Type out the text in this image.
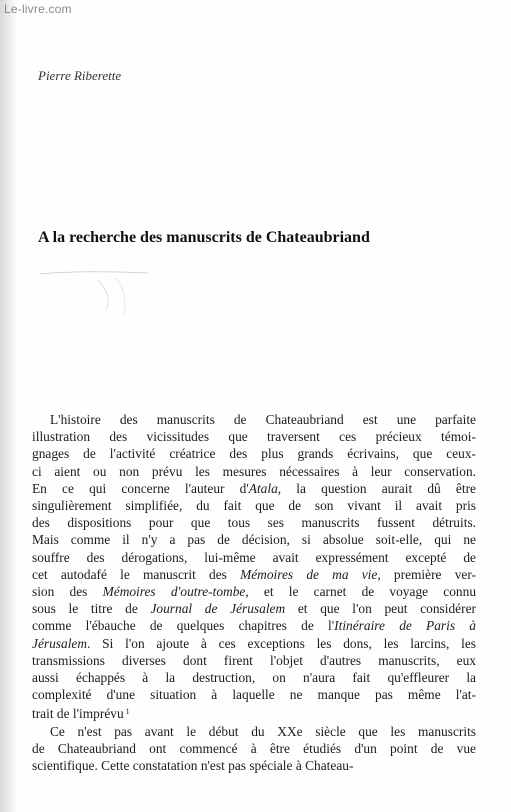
Le-livre.com
Pierre Riberette
A la recherche des manuscrits de Chateaubriand

L'histoire des manuscrits de Chateaubriand est une parfaite
illustration des vicissitudes que traversent ces précieux témoi-
gnages de l'activité créatrice des plus grands écrivains, que ceux-
ci aient ou non prévu les mesures nécessaires à leur conservation.
En ce qui concerne l'auteur d'Atala, la question aurait dû être
singulièrement simplifiée, du fait que de son vivant il avait pris
des dispositions pour que tous ses manuscrits fussent détruits.
Mais comme il n'y a pas de décision, si absolue soit-elle, qui ne
souffre des dérogations, lui-même avait expressément excepté de
cet autodafé le manuscrit des Mémoires de ma vie, première ver-
sion des Mémoires d'outre-tombe, et le carnet de voyage connu
sous le titre de Journal de Jérusalem et que l'on peut considérer
comme l'ébauche de quelques chapitres de l'Itinéraire de Paris à
Jérusalem. Si l'on ajoute à ces exceptions les dons, les larcins, les
transmissions diverses dont firent l'objet d'autres manuscrits, eux
aussi échappés à la destruction, on n'aura fait qu'effleurer la
complexité d'une situation à laquelle ne manque pas même l'at-
trait de l'imprévu $^1$

Ce n'est pas avant le début du XXe siècle que les manuscrits
de Chateaubriand ont commencé à être étudiés d'un point de vue
scientifique. Cette constatation n'est pas spéciale à Chateau-
